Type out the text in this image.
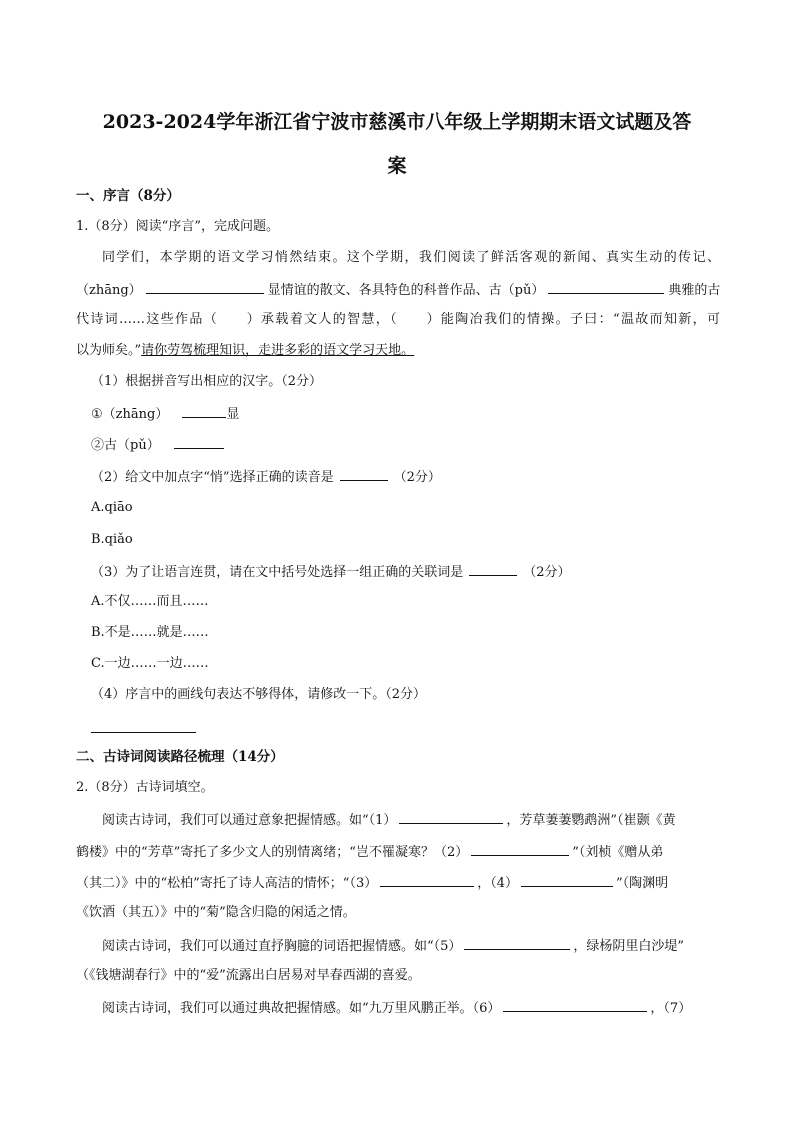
2023-2024学年浙江省宁波市慈溪市八年级上学期期末语文试题及答
案
一、序言（8分）
1.（8分）阅读“序言”，完成问题。
同学们，本学期的语文学习悄然结束。这个学期，我们阅读了鲜活客观的新闻、真实生动的传记、
（zhāng）	显情谊的散文、各具特色的科普作品、古（pǔ）	典雅的古
代诗词……这些作品（　　）承载着文人的智慧，（　　）能陶冶我们的情操。子曰：“温故而知新，可
以为师矣。”请你劳驾梳理知识，走进多彩的语文学习天地。
（1）根据拼音写出相应的汉字。（2分）
①（zhāng）	显
②古（pǔ）
（2）给文中加点字“悄”选择正确的读音是	（2分）
A.qiāo
B.qiǎo
（3）为了让语言连贯，请在文中括号处选择一组正确的关联词是	（2分）
A.不仅……而且……
B.不是……就是……
C.一边……一边……
（4）序言中的画线句表达不够得体，请修改一下。（2分）
二、古诗词阅读路径梳理（14分）
2.（8分）古诗词填空。
阅读古诗词，我们可以通过意象把握情感。如“（1）	，芳草萋萋鹦鹉洲”（崔颢《黄
鹤楼》中的“芳草”寄托了多少文人的别情离绪；“岂不罹凝寒？（2）	”（刘桢《赠从弟
（其二）》中的“松柏”寄托了诗人高洁的情怀；“（3）	，（4）	”（陶渊明
《饮酒（其五）》中的“菊”隐含归隐的闲适之情。
阅读古诗词，我们可以通过直抒胸臆的词语把握情感。如“（5）	，绿杨阴里白沙堤”
（《钱塘湖春行》中的“爱”流露出白居易对早春西湖的喜爱。
阅读古诗词，我们可以通过典故把握情感。如“九万里风鹏正举。（6）	，（7）
